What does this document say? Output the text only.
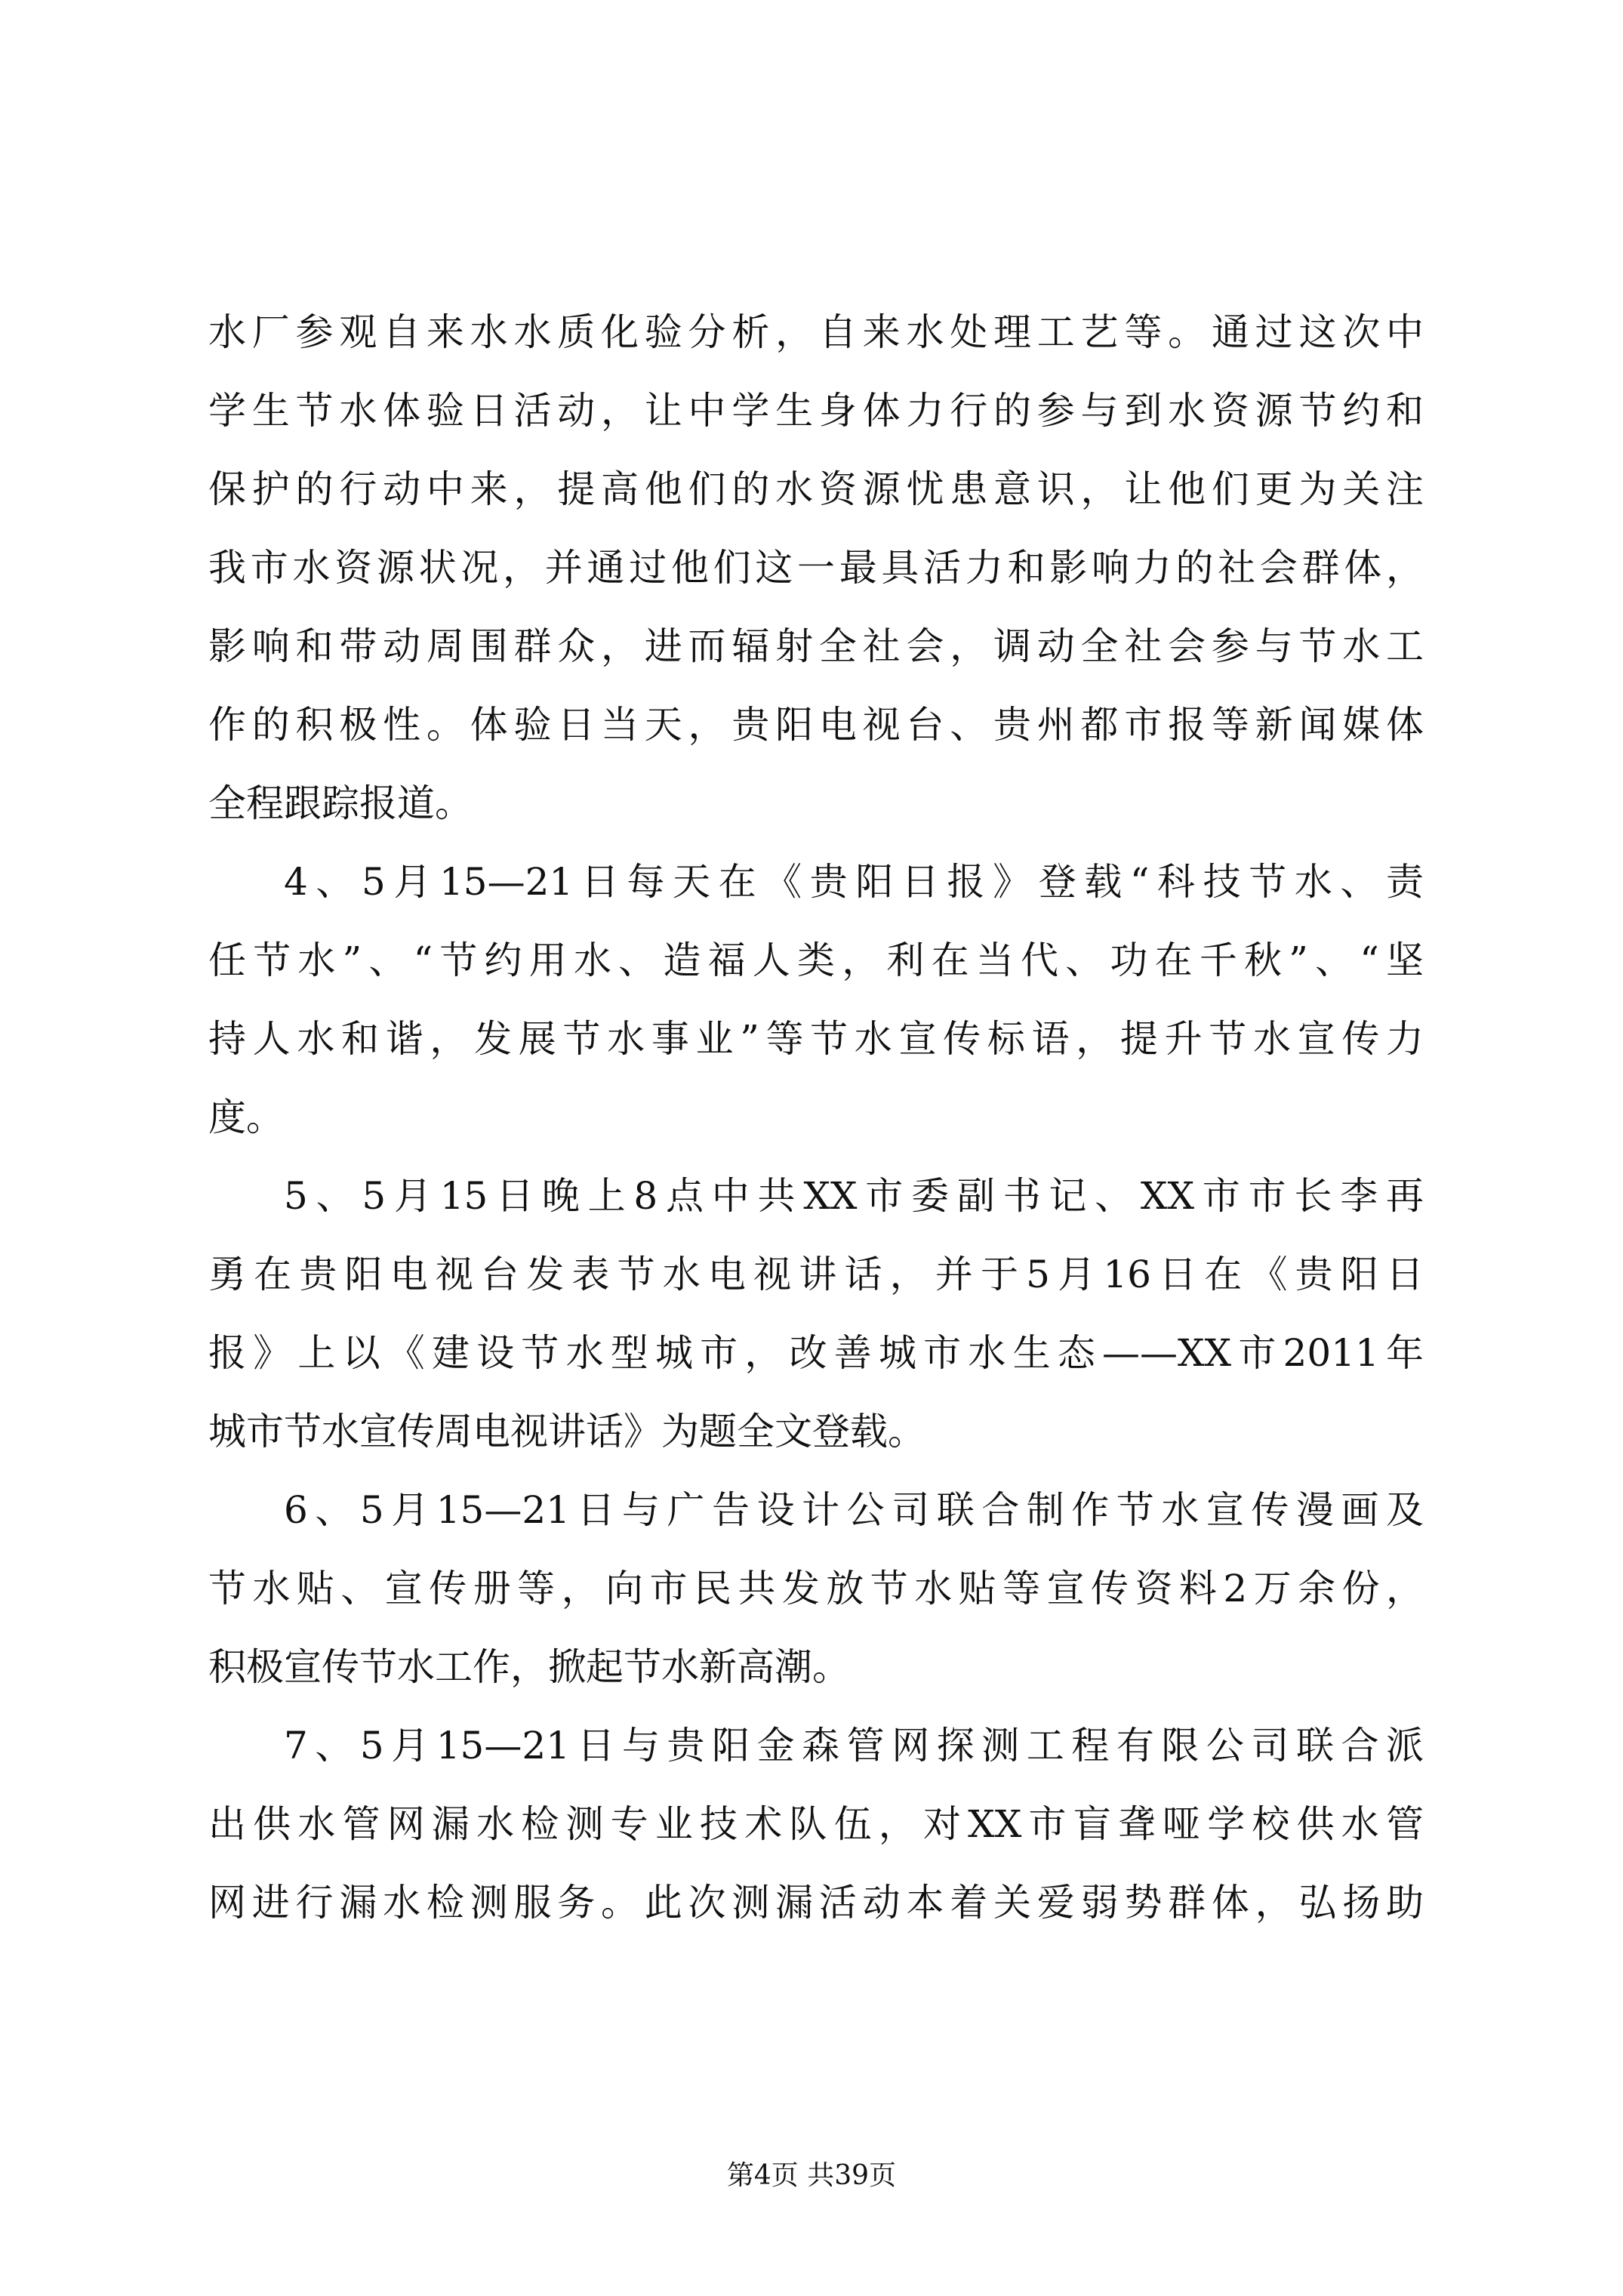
水厂参观自来水水质化验分析，自来水处理工艺等。通过这次中
学生节水体验日活动，让中学生身体力行的参与到水资源节约和
保护的行动中来，提高他们的水资源忧患意识，让他们更为关注
我市水资源状况，并通过他们这一最具活力和影响力的社会群体，
影响和带动周围群众，进而辐射全社会，调动全社会参与节水工
作的积极性。体验日当天，贵阳电视台、贵州都市报等新闻媒体
全程跟踪报道。
4、5月15—21日每天在《贵阳日报》登载“科技节水、责
任节水”、“节约用水、造福人类，利在当代、功在千秋”、“坚
持人水和谐，发展节水事业”等节水宣传标语，提升节水宣传力
度。
5、5月15日晚上8点中共XX市委副书记、XX市市长李再
勇在贵阳电视台发表节水电视讲话，并于5月16日在《贵阳日
报》上以《建设节水型城市，改善城市水生态——XX市2011年
城市节水宣传周电视讲话》为题全文登载。
6、5月15—21日与广告设计公司联合制作节水宣传漫画及
节水贴、宣传册等，向市民共发放节水贴等宣传资料2万余份，
积极宣传节水工作，掀起节水新高潮。
7、5月15—21日与贵阳金森管网探测工程有限公司联合派
出供水管网漏水检测专业技术队伍，对XX市盲聋哑学校供水管
网进行漏水检测服务。此次测漏活动本着关爱弱势群体，弘扬助
第4页 共39页
